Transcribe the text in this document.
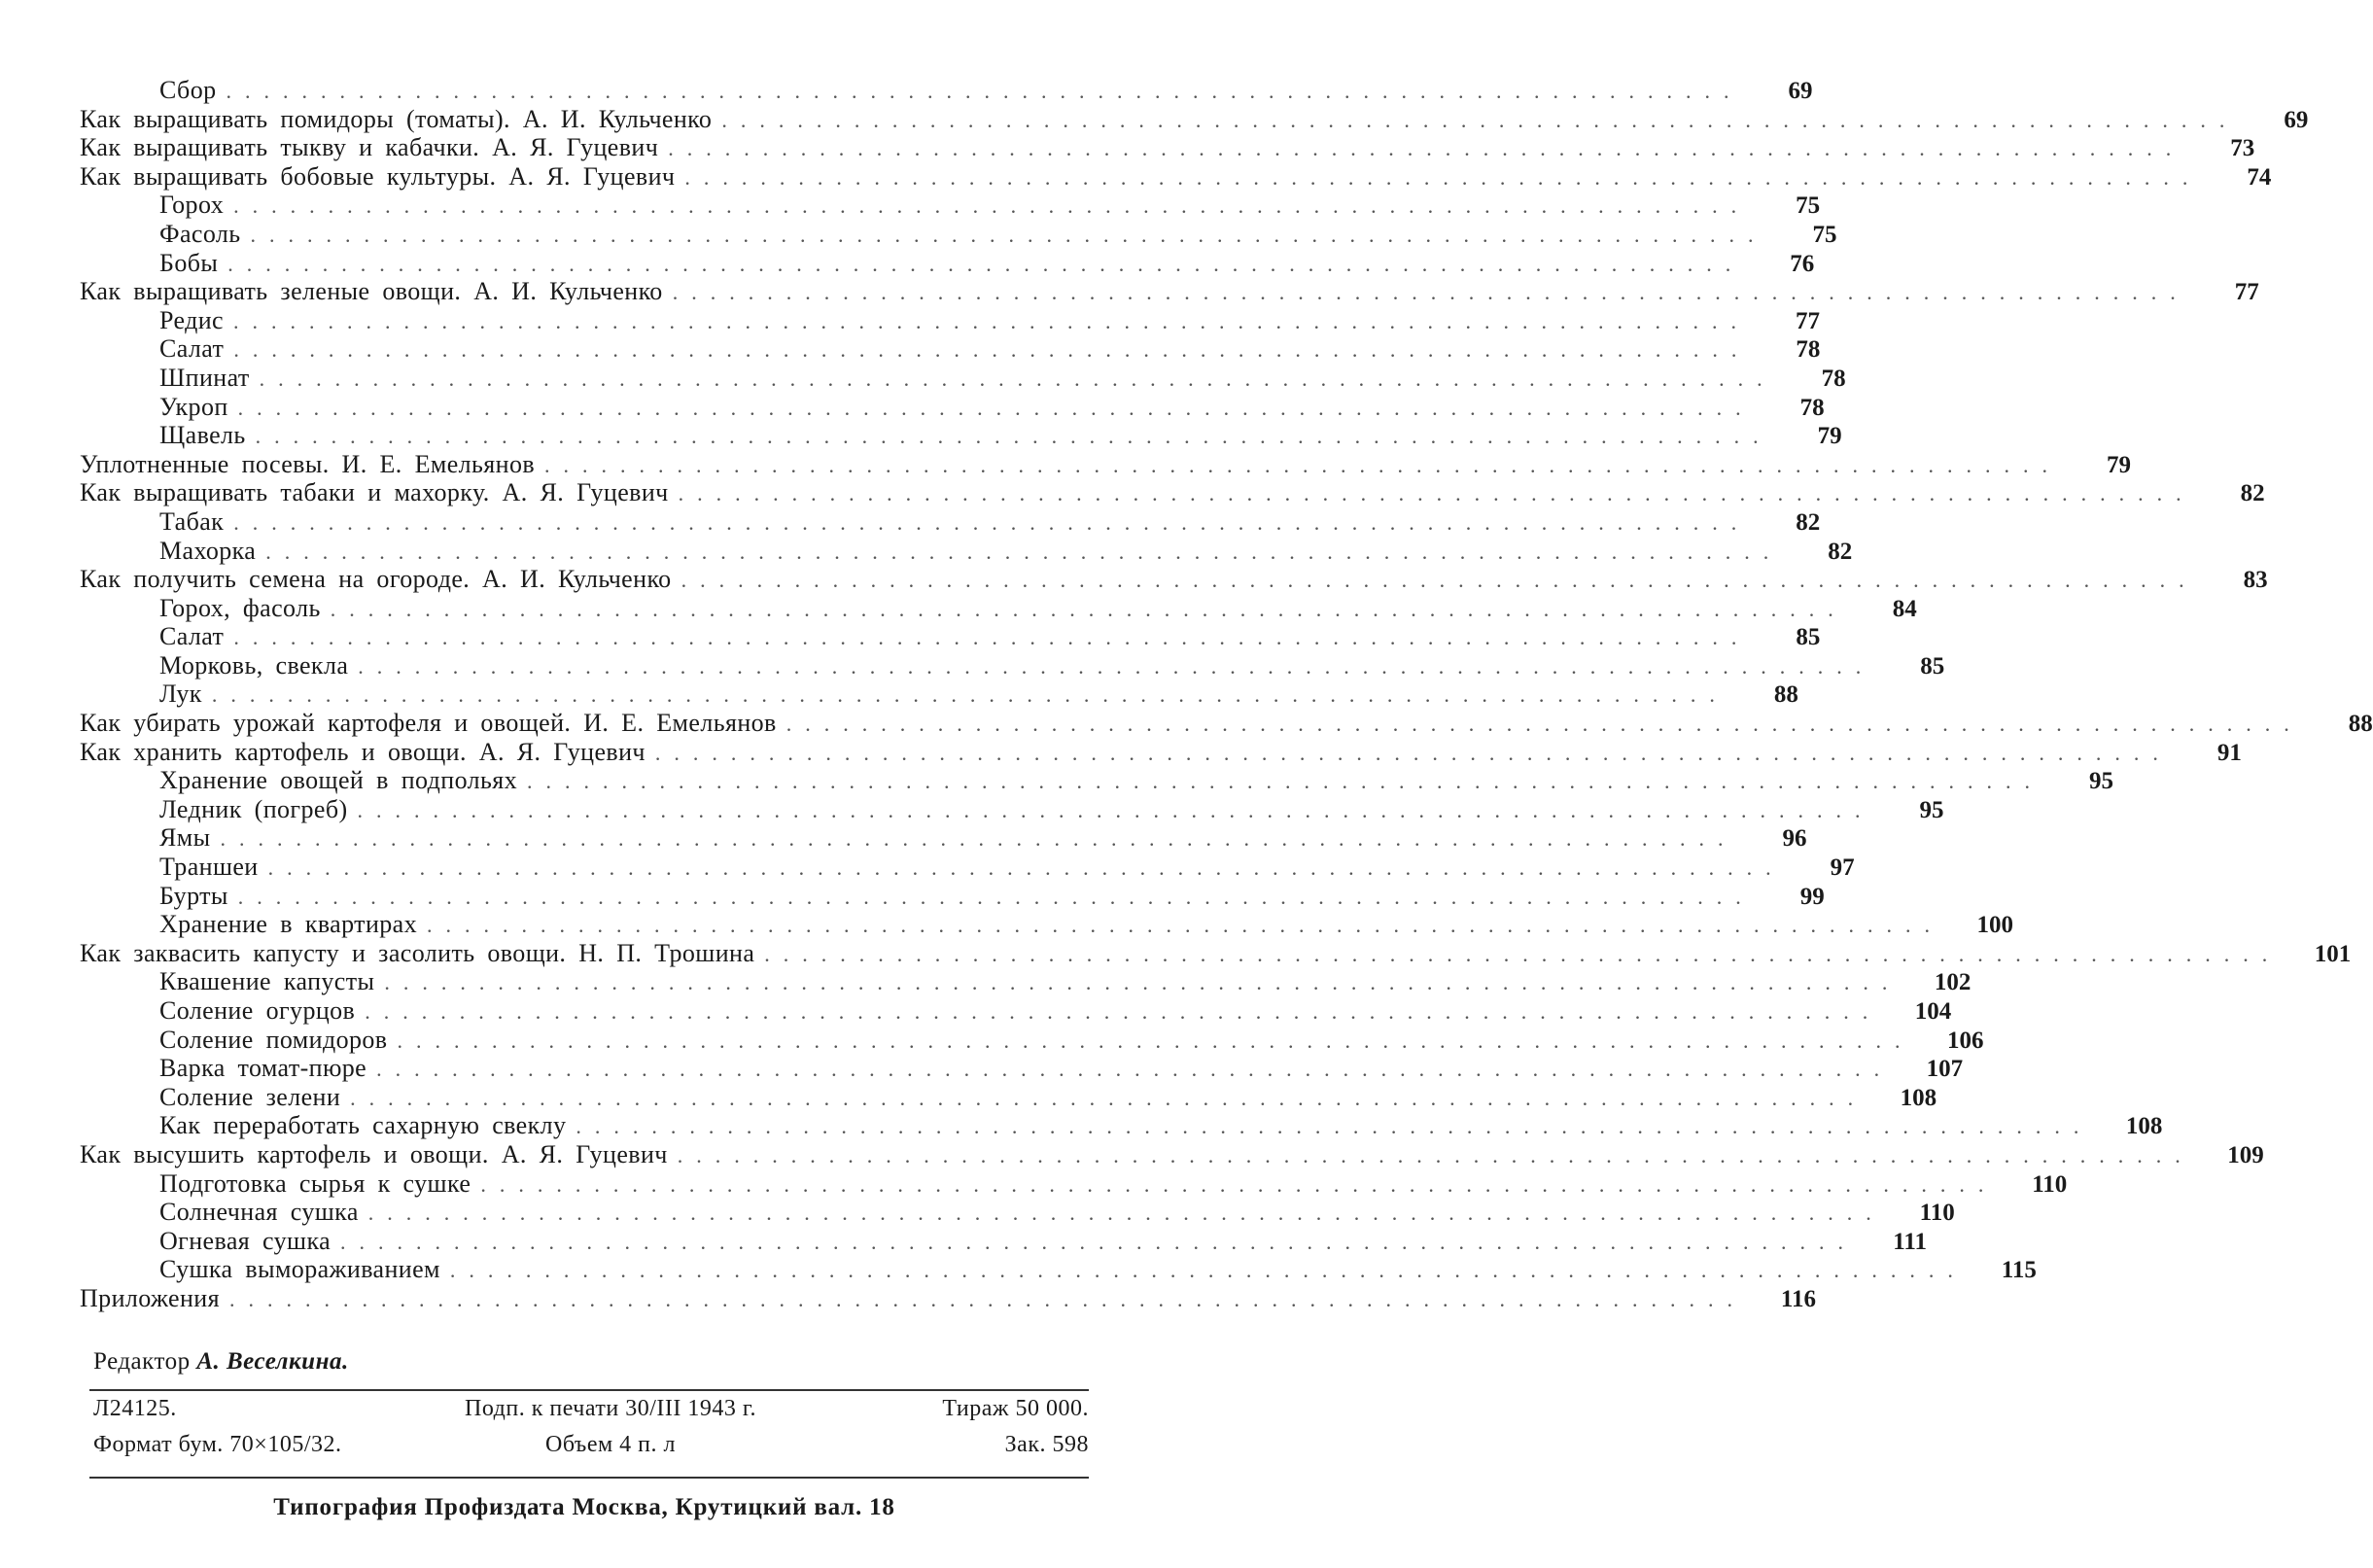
Сбор ................................................................................	69
Как выращивать помидоры (томаты). А. И. Кульченко ................................................................................	69
Как выращивать тыкву и кабачки. А. Я. Гуцевич ................................................................................	73
Как выращивать бобовые культуры. А. Я. Гуцевич ................................................................................	74
Горох ................................................................................	75
Фасоль ................................................................................	75
Бобы ................................................................................	76
Как выращивать зеленые овощи. А. И. Кульченко ................................................................................	77
Редис ................................................................................	77
Салат ................................................................................	78
Шпинат ................................................................................	78
Укроп ................................................................................	78
Щавель ................................................................................	79
Уплотненные посевы. И. Е. Емельянов ................................................................................	79
Как выращивать табаки и махорку. А. Я. Гуцевич ................................................................................	82
Табак ................................................................................	82
Махорка ................................................................................	82
Как получить семена на огороде. А. И. Кульченко ................................................................................	83
Горох, фасоль ................................................................................	84
Салат ................................................................................	85
Морковь, свекла ................................................................................	85
Лук ................................................................................	88
Как убирать урожай картофеля и овощей. И. Е. Емельянов ................................................................................	88
Как хранить картофель и овощи. А. Я. Гуцевич ................................................................................	91
Хранение овощей в подпольях ................................................................................	95
Ледник (погреб) ................................................................................	95
Ямы ................................................................................	96
Траншеи ................................................................................	97
Бурты ................................................................................	99
Хранение в квартирах ................................................................................	100
Как заквасить капусту и засолить овощи. Н. П. Трошина ................................................................................	101
Квашение капусты ................................................................................	102
Соление огурцов ................................................................................	104
Соление помидоров ................................................................................	106
Варка томат-пюре ................................................................................	107
Соление зелени ................................................................................	108
Как переработать сахарную свеклу ................................................................................	108
Как высушить картофель и овощи. А. Я. Гуцевич ................................................................................	109
Подготовка сырья к сушке ................................................................................	110
Солнечная сушка ................................................................................	110
Огневая сушка ................................................................................	111
Сушка вымораживанием ................................................................................	115
Приложения ................................................................................	116
Редактор А. Веселкина.
Л24125.	Подп. к печати 30/III 1943 г.	Тираж 50 000.
Формат бум. 70×105/32.	Объем 4 п. л	Зак. 598
Типография Профиздата Москва, Крутицкий вал. 18
